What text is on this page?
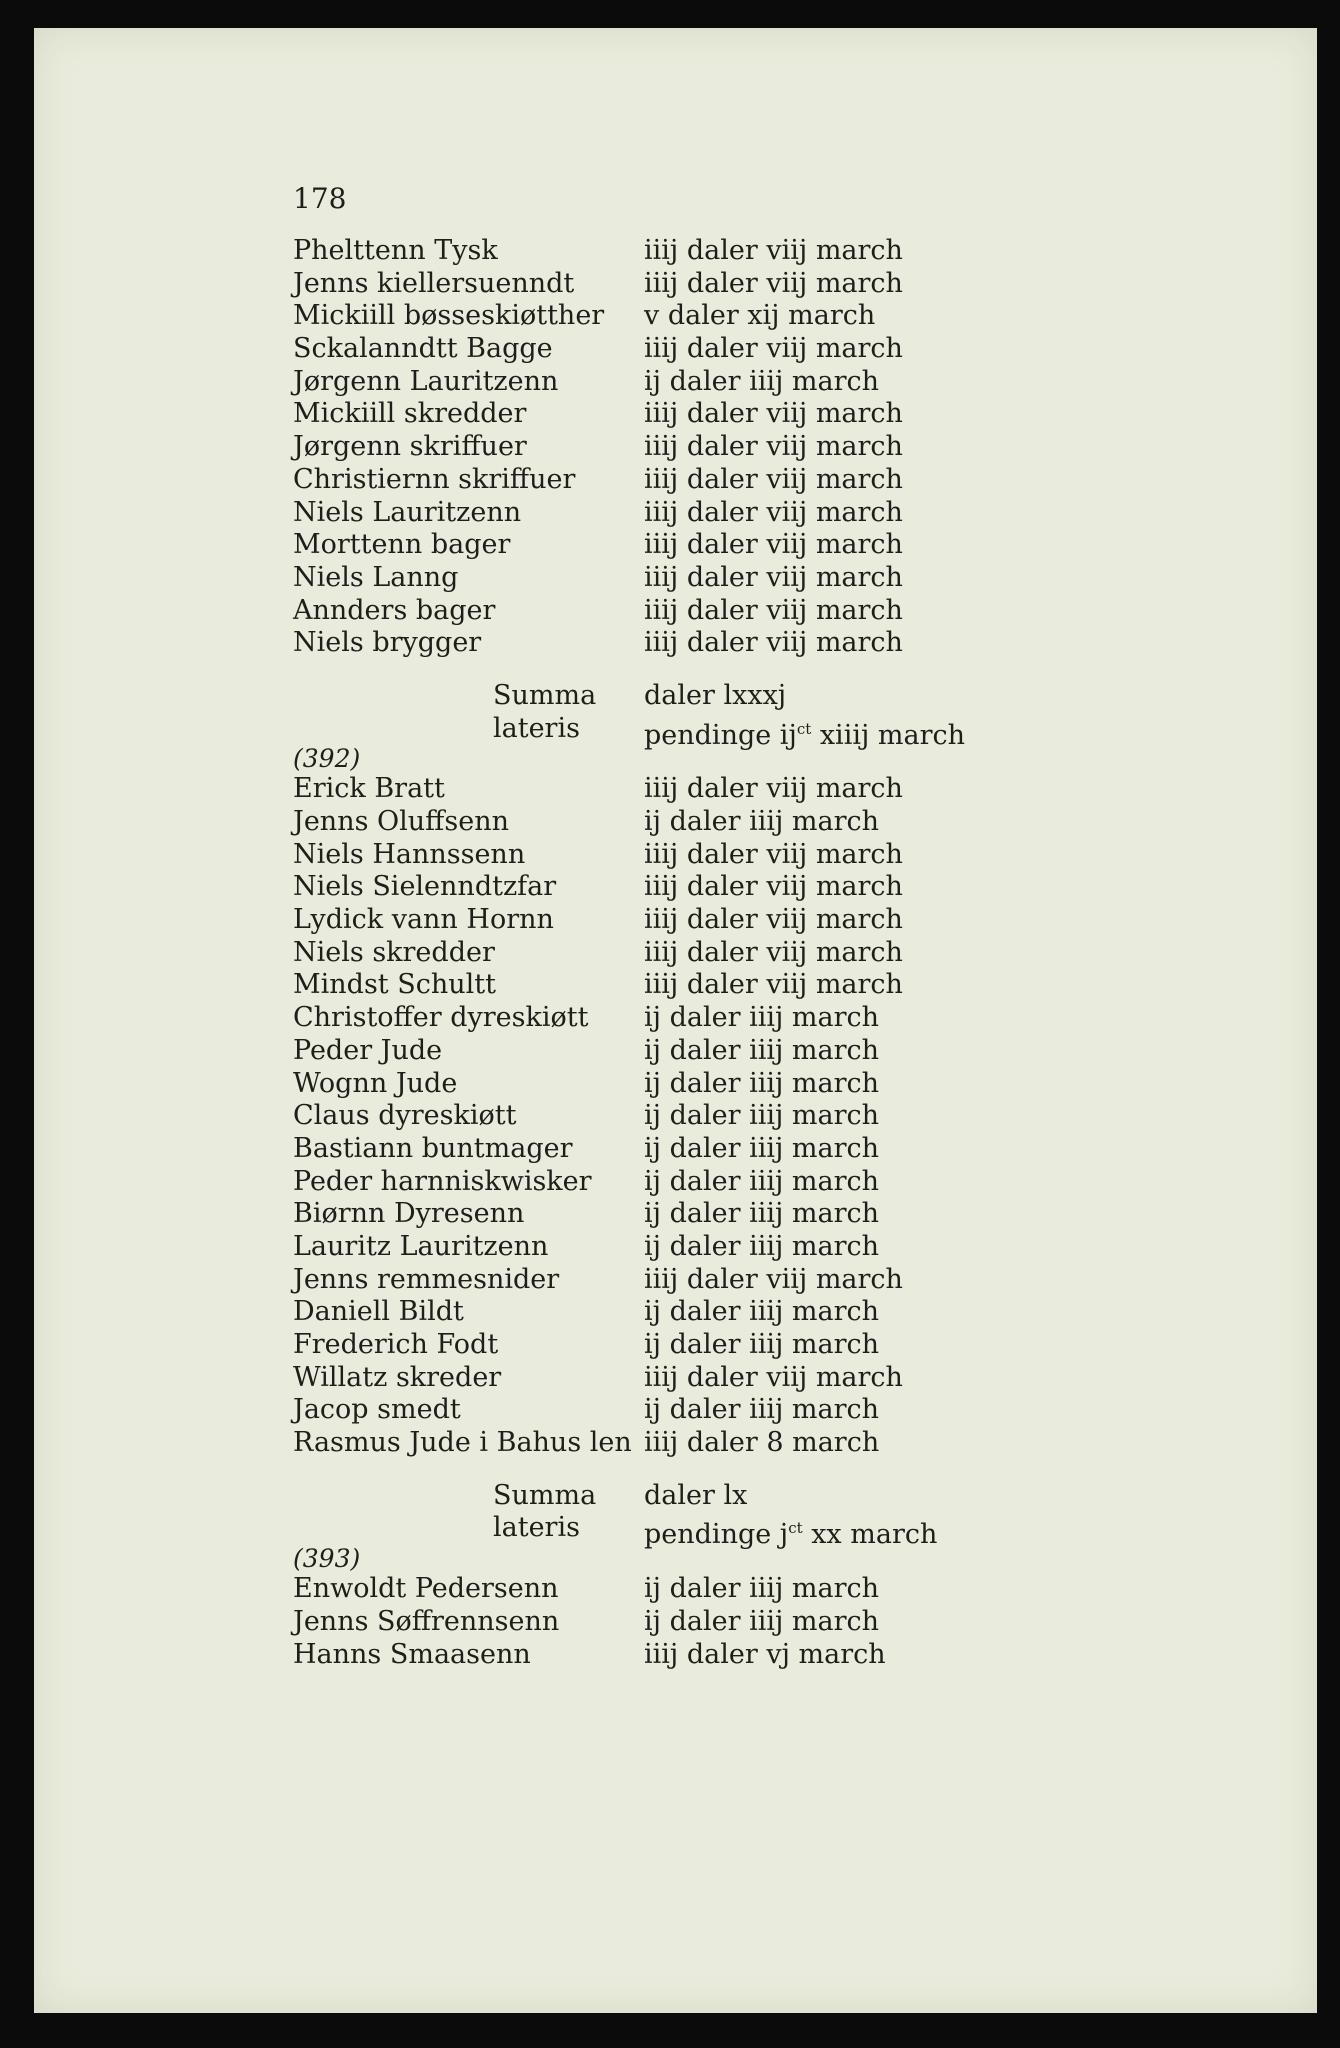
178
Phelttenn Tysk	iiij daler viij march
Jenns kiellersuenndt	iiij daler viij march
Mickiill bøsseskiøtther	v daler xij march
Sckalanndtt Bagge	iiij daler viij march
Jørgenn Lauritzenn	ij daler iiij march
Mickiill skredder	iiij daler viij march
Jørgenn skriffuer	iiij daler viij march
Christiernn skriffuer	iiij daler viij march
Niels Lauritzenn	iiij daler viij march
Morttenn bager	iiij daler viij march
Niels Lanng	iiij daler viij march
Annders bager	iiij daler viij march
Niels brygger	iiij daler viij march
Summa	daler lxxxj
lateris	pendinge $ij^{ct}$ xiiij march
(392)
Erick Bratt	iiij daler viij march
Jenns Oluffsenn	ij daler iiij march
Niels Hannssenn	iiij daler viij march
Niels Sielenndtzfar	iiij daler viij march
Lydick vann Hornn	iiij daler viij march
Niels skredder	iiij daler viij march
Mindst Schultt	iiij daler viij march
Christoffer dyreskiøtt	ij daler iiij march
Peder Jude	ij daler iiij march
Wognn Jude	ij daler iiij march
Claus dyreskiøtt	ij daler iiij march
Bastiann buntmager	ij daler iiij march
Peder harnniskwisker	ij daler iiij march
Biørnn Dyresenn	ij daler iiij march
Lauritz Lauritzenn	ij daler iiij march
Jenns remmesnider	iiij daler viij march
Daniell Bildt	ij daler iiij march
Frederich Fodt	ij daler iiij march
Willatz skreder	iiij daler viij march
Jacop smedt	ij daler iiij march
Rasmus Jude i Bahus len iiij daler 8 march
Summa	daler lx
lateris	pendinge $j^{ct}$ xx march
(393)
Enwoldt Pedersenn	ij daler iiij march
Jenns Søffrennsenn	ij daler iiij march
Hanns Smaasenn	iiij daler vj march
